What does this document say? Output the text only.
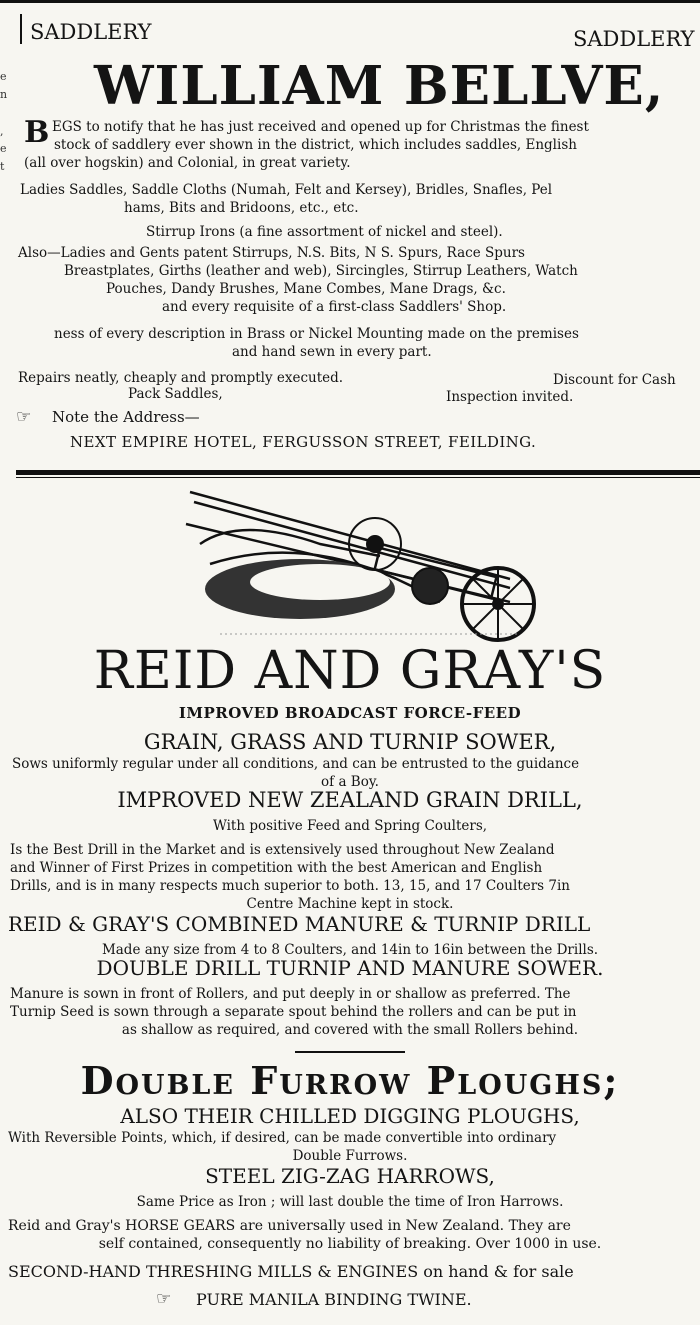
e
n
,
e
t
SADDLERY	SADDLERY
WILLIAM BELLVE,
B EGS to notify that he has just received and opened up for Christmas the finest
stock of saddlery ever shown in the district, which includes saddles, English
(all over hogskin) and Colonial, in great variety.
Ladies Saddles, Saddle Cloths (Numah, Felt and Kersey), Bridles, Snafles, Pel
hams, Bits and Bridoons, etc., etc.
Stirrup Irons (a fine assortment of nickel and steel).
Also—Ladies and Gents patent Stirrups, N.S. Bits, N S. Spurs, Race Spurs
Breastplates, Girths (leather and web), Sircingles, Stirrup Leathers, Watch
Pouches, Dandy Brushes, Mane Combes, Mane Drags, &c.
and every requisite of a first-class Saddlers' Shop.
ness of every description in Brass or Nickel Mounting made on the premises
and hand sewn in every part.
Repairs neatly, cheaply and promptly executed.	Discount for Cash
Pack Saddles,	Inspection invited.
☞ Note the Address—
NEXT EMPIRE HOTEL, FERGUSSON STREET, FEILDING.
REID AND GRAY'S
IMPROVED BROADCAST FORCE-FEED
GRAIN, GRASS AND TURNIP SOWER,
Sows uniformly regular under all conditions, and can be entrusted to the guidance
of a Boy.
IMPROVED NEW ZEALAND GRAIN DRILL,
With positive Feed and Spring Coulters,
Is the Best Drill in the Market and is extensively used throughout New Zealand
and Winner of First Prizes in competition with the best American and English
Drills, and is in many respects much superior to both. 13, 15, and 17 Coulters 7in
Centre Machine kept in stock.
REID & GRAY'S COMBINED MANURE & TURNIP DRILL
Made any size from 4 to 8 Coulters, and 14in to 16in between the Drills.
DOUBLE DRILL TURNIP AND MANURE SOWER.
Manure is sown in front of Rollers, and put deeply in or shallow as preferred. The
Turnip Seed is sown through a separate spout behind the rollers and can be put in
as shallow as required, and covered with the small Rollers behind.
Double Furrow Ploughs;
ALSO THEIR CHILLED DIGGING PLOUGHS,
With Reversible Points, which, if desired, can be made convertible into ordinary
Double Furrows.
STEEL ZIG-ZAG HARROWS,
Same Price as Iron ; will last double the time of Iron Harrows.
Reid and Gray's HORSE GEARS are universally used in New Zealand. They are
self contained, consequently no liability of breaking. Over 1000 in use.
SECOND-HAND THRESHING MILLS & ENGINES on hand & for sale
☞ PURE MANILA BINDING TWINE.
